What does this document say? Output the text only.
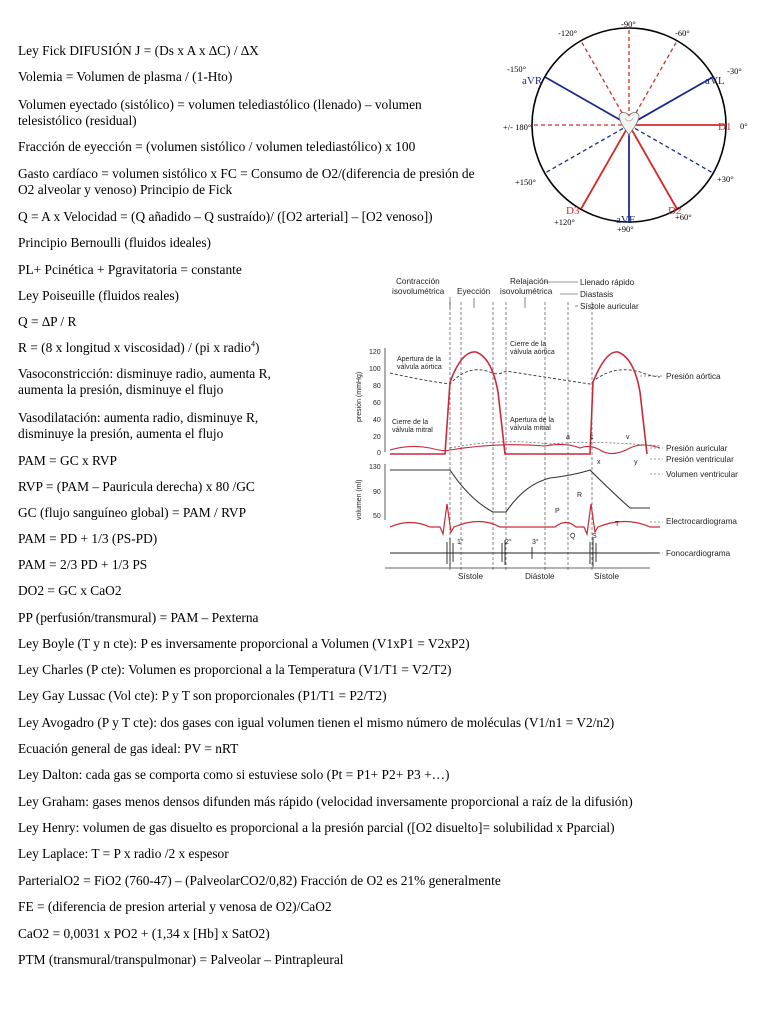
Ley Fick DIFUSIÓN J = (Ds x A x ∆C) / ∆X
Volemia = Volumen de plasma / (1-Hto)
Volumen eyectado (sistólico) = volumen telediastólico (llenado) – volumen telesistólico (residual)
Fracción de eyección = (volumen sistólico / volumen telediastólico) x 100
Gasto cardíaco = volumen sistólico x FC = Consumo de O2/(diferencia de presión de O2 alveolar y venoso) Principio de Fick
Q = A x Velocidad = (Q añadido – Q sustraído)/ ([O2 arterial] – [O2 venoso])
Principio Bernoulli (fluidos ideales)
PL+ Pcinética + Pgravitatoria = constante
Ley Poiseuille (fluidos reales)
Q = ∆P / R
R = (8 x longitud x viscosidad) / (pi x radio$^4$)
Vasoconstricción: disminuye radio, aumenta R, aumenta la presión, disminuye el flujo
Vasodilatación: aumenta radio, disminuye R, disminuye la presión, aumenta el flujo
PAM = GC x RVP
RVP = (PAM – Pauricula derecha) x 80 /GC
GC (flujo sanguíneo global) = PAM / RVP
PAM = PD + 1/3 (PS-PD)
PAM = 2/3 PD + 1/3 PS
DO2 = GC x CaO2
PP (perfusión/transmural) = PAM – Pexterna
Ley Boyle (T y n cte): P es inversamente proporcional a Volumen (V1xP1 = V2xP2)
Ley Charles (P cte): Volumen es proporcional a la Temperatura (V1/T1 = V2/T2)
Ley Gay Lussac (Vol cte): P y T son proporcionales (P1/T1 = P2/T2)
Ley Avogadro (P y T cte): dos gases con igual volumen tienen el mismo número de moléculas (V1/n1 = V2/n2)
Ecuación general de gas ideal: PV = nRT
Ley Dalton: cada gas se comporta como si estuviese solo (Pt = P1+ P2+ P3 +…)
Ley Graham: gases menos densos difunden más rápido (velocidad inversamente proporcional a raíz de la difusión)
Ley Henry: volumen de gas disuelto es proporcional a la presión parcial ([O2 disuelto]= solubilidad x Pparcial)
Ley Laplace: T = P x radio /2 x espesor
ParterialO2 = FiO2 (760-47) – (PalveolarCO2/0,82) Fracción de O2 es 21% generalmente
FE = (diferencia de presion arterial y venosa de O2)/CaO2
CaO2 = 0,0031 x PO2 + (1,34 x [Hb] x SatO2)
PTM (transmural/transpulmonar) = Palveolar – Pintrapleural
-120°
-90°
-60°
-150°	-30°
+/- 180°	0°
+150°	+30°
+120°
+90°
+60°
aVR	aVL
D1
D3
aVF
D2
Contracción
isovolumétrica Eyección
Relajación
isovolumétrica
Llenado rápido
Diastasis
Sístole auricular
presión (mmHg)
volumen (ml)
120
100
80
60
40
20
0
130
90
50
Apertura de la
válvula aórtica
Cierre de la
válvula aórtica
Cierre de la
válvula mitral
Apertura de la
válvula mitral
Presión aórtica
Presión auricular
Presión ventricular
Volumen ventricular
Electrocardiograma
Fonocardiograma
a	c	v
x	y
P
R
Q S
T
1°	2°	3°
Sístole	Diástole	Sístole
